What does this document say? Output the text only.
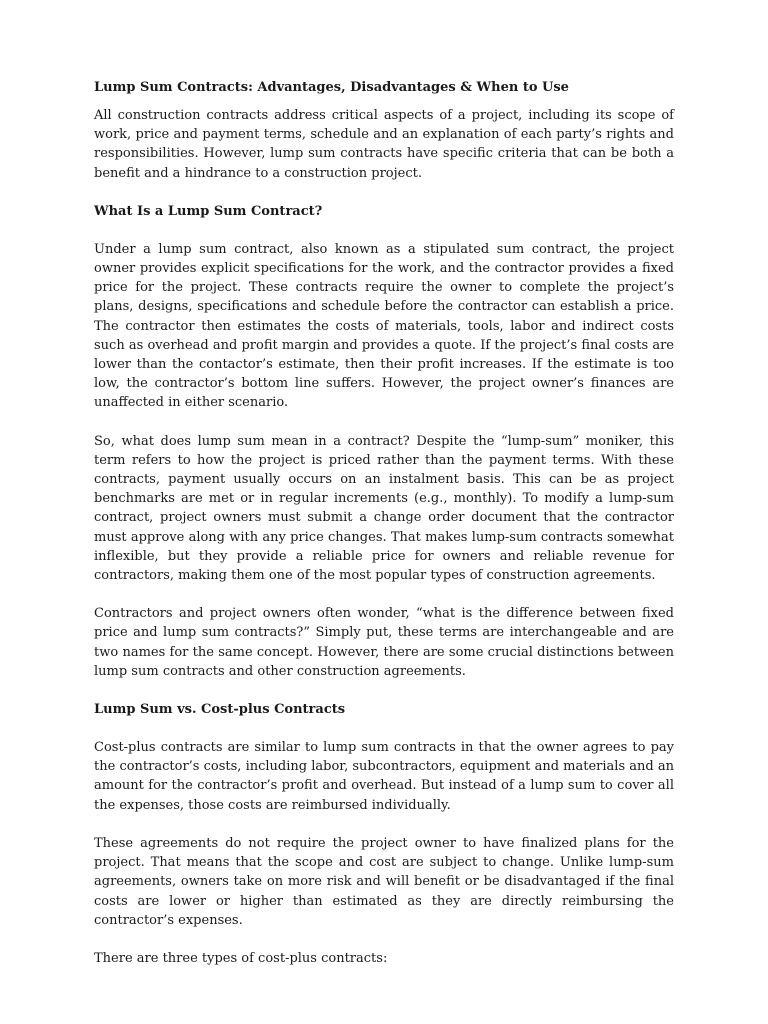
Lump Sum Contracts: Advantages, Disadvantages & When to Use

All construction contracts address critical aspects of a project, including its scope of work, price and payment terms, schedule and an explanation of each party’s rights and responsibilities. However, lump sum contracts have specific criteria that can be both a benefit and a hindrance to a construction project.

What Is a Lump Sum Contract?

Under a lump sum contract, also known as a stipulated sum contract, the project owner provides explicit specifications for the work, and the contractor provides a fixed price for the project. These contracts require the owner to complete the project’s plans, designs, specifications and schedule before the contractor can establish a price. The contractor then estimates the costs of materials, tools, labor and indirect costs such as overhead and profit margin and provides a quote. If the project’s final costs are lower than the contactor’s estimate, then their profit increases. If the estimate is too low, the contractor’s bottom line suffers. However, the project owner’s finances are unaffected in either scenario.

So, what does lump sum mean in a contract? Despite the “lump-sum” moniker, this term refers to how the project is priced rather than the payment terms. With these contracts, payment usually occurs on an instalment basis. This can be as project benchmarks are met or in regular increments (e.g., monthly). To modify a lump-sum contract, project owners must submit a change order document that the contractor must approve along with any price changes. That makes lump-sum contracts somewhat inflexible, but they provide a reliable price for owners and reliable revenue for contractors, making them one of the most popular types of construction agreements.

Contractors and project owners often wonder, “what is the difference between fixed price and lump sum contracts?” Simply put, these terms are interchangeable and are two names for the same concept. However, there are some crucial distinctions between lump sum contracts and other construction agreements.

Lump Sum vs. Cost-plus Contracts

Cost-plus contracts are similar to lump sum contracts in that the owner agrees to pay the contractor’s costs, including labor, subcontractors, equipment and materials and an amount for the contractor’s profit and overhead. But instead of a lump sum to cover all the expenses, those costs are reimbursed individually.

These agreements do not require the project owner to have finalized plans for the project. That means that the scope and cost are subject to change. Unlike lump-sum agreements, owners take on more risk and will benefit or be disadvantaged if the final costs are lower or higher than estimated as they are directly reimbursing the contractor’s expenses.

There are three types of cost-plus contracts:
